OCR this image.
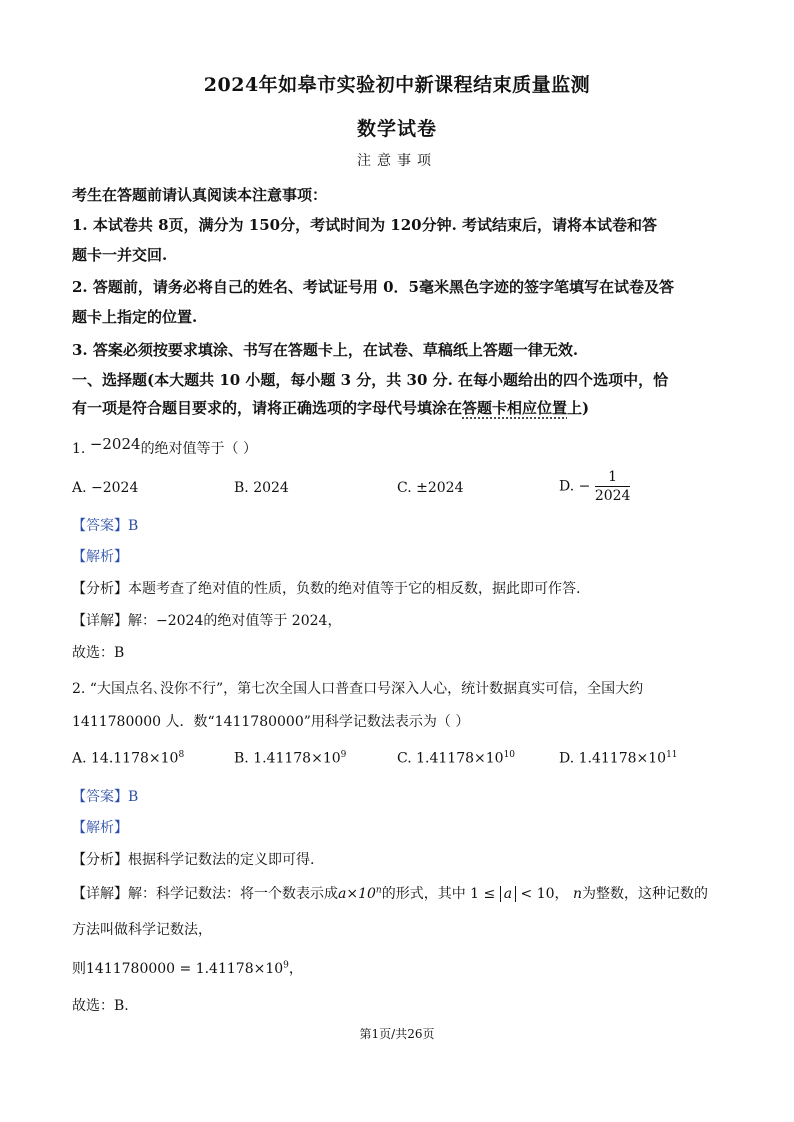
2024年如皋市实验初中新课程结束质量监测
数学试卷
注意事项
考生在答题前请认真阅读本注意事项：
1. 本试卷共 8页，满分为 150分，考试时间为 120分钟. 考试结束后，请将本试卷和答
题卡一并交回.
2. 答题前，请务必将自己的姓名、考试证号用 0．5毫米黑色字迹的签字笔填写在试卷及答
题卡上指定的位置.
3. 答案必须按要求填涂、书写在答题卡上，在试卷、草稿纸上答题一律无效.
一、选择题(本大题共 10 小题，每小题 3 分，共 30 分. 在每小题给出的四个选项中，恰
有一项是符合题目要求的，请将正确选项的字母代号填涂在答题卡相应位置上)
1. −2024的绝对值等于（ ）
A. −2024	B. 2024	C. ±2024	D. − $\frac{1}{2024}$
【答案】B
【解析】
【分析】本题考查了绝对值的性质，负数的绝对值等于它的相反数，据此即可作答.
【详解】解：−2024的绝对值等于 2024，
故选：B
2. “大国点名､没你不行”，第七次全国人口普查口号深入人心，统计数据真实可信，全国大约
1411780000 人．数“1411780000”用科学记数法表示为（ ）
A. $14.1178\times 10^8$	B. $1.41178\times 10^9$	C. $1.41178\times 10^{10}$	D. $1.41178\times 10^{11}$
【答案】B
【解析】
【分析】根据科学记数法的定义即可得.
【详解】解：科学记数法：将一个数表示成$a\times 10^n$的形式，其中 1 ≤ a < 10， n为整数，这种记数的
方法叫做科学记数法，
则$1411780000 = 1.41178\times 10^9$，
故选：B.
第1页/共26页
